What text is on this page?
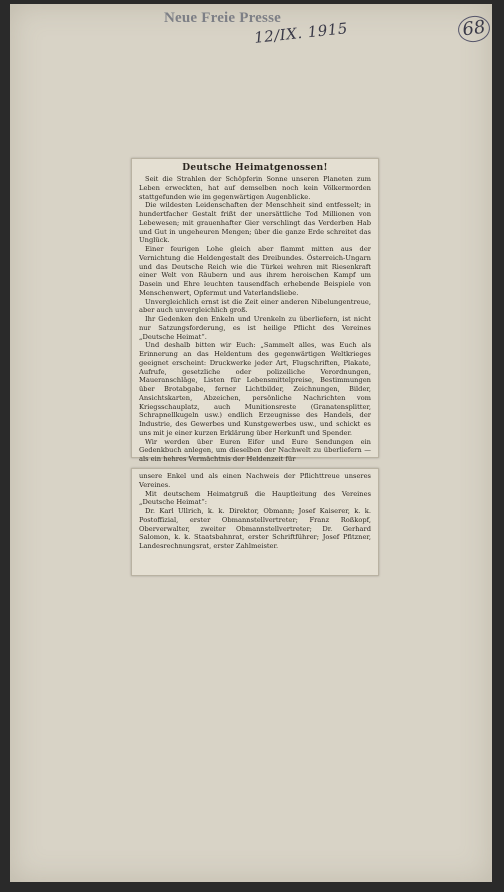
Neue Freie Presse
12/IX. 1915	68
Deutsche Heimatgenossen!

Seit die Strahlen der Schöpferin Sonne unseren Planeten zum Leben erweckten, hat auf demselben noch kein Völkermorden stattgefunden wie im gegenwärtigen Augenblicke.

Die wildesten Leidenschaften der Menschheit sind entfesselt; in hundertfacher Gestalt frißt der unersättliche Tod Millionen von Lebewesen; mit grauenhafter Gier verschlingt das Verderben Hab und Gut in ungeheuren Mengen; über die ganze Erde schreitet das Unglück.

Einer feurigen Lohe gleich aber flammt mitten aus der Vernichtung die Heldengestalt des Dreibundes. Österreich-Ungarn und das Deutsche Reich wie die Türkei wehren mit Riesenkraft einer Welt von Räubern und aus ihrem heroischen Kampf um Dasein und Ehre leuchten tausendfach erhebende Beispiele von Menschenwert, Opfermut und Vaterlandsliebe.

Unvergleichlich ernst ist die Zeit einer anderen Nibelungentreue, aber auch unvergleichlich groß.

Ihr Gedenken den Enkeln und Urenkeln zu überliefern, ist nicht nur Satzungsforderung, es ist heilige Pflicht des Vereines „Deutsche Heimat“.

Und deshalb bitten wir Euch: „Sammelt alles, was Euch als Erinnerung an das Heldentum des gegenwärtigen Weltkrieges geeignet erscheint: Druckwerke jeder Art, Flugschriften, Plakate, Aufrufe, gesetzliche oder polizeiliche Verordnungen, Maueranschläge, Listen für Lebensmittelpreise, Bestimmungen über Brotabgabe, ferner Lichtbilder, Zeichnungen, Bilder, Ansichtskarten, Abzeichen, persönliche Nachrichten vom Kriegsschauplatz, auch Munitionsreste (Granatensplitter, Schrapnellkugeln usw.) endlich Erzeugnisse des Handels, der Industrie, des Gewerbes und Kunstgewerbes usw., und schickt es uns mit je einer kurzen Erklärung über Herkunft und Spender.

Wir werden über Euren Eifer und Eure Sendungen ein Gedenkbuch anlegen, um dieselben der Nachwelt zu überliefern — als ein hehres Vermächtnis der Heldenzeit für

unsere Enkel und als einen Nachweis der Pflichttreue unseres Vereines.

Mit deutschem Heimatgruß die Hauptleitung des Vereines „Deutsche Heimat“:

Dr. Karl Ullrich, k. k. Direktor, Obmann; Josef Kaiserer, k. k. Postoffizial, erster Obmannstellvertreter; Franz Roßkopf, Oberverwalter, zweiter Obmannstellvertreter; Dr. Gerhard Salomon, k. k. Staatsbahnrat, erster Schriftführer; Josef Pfitzner, Landesrechnungsrat, erster Zahlmeister.
